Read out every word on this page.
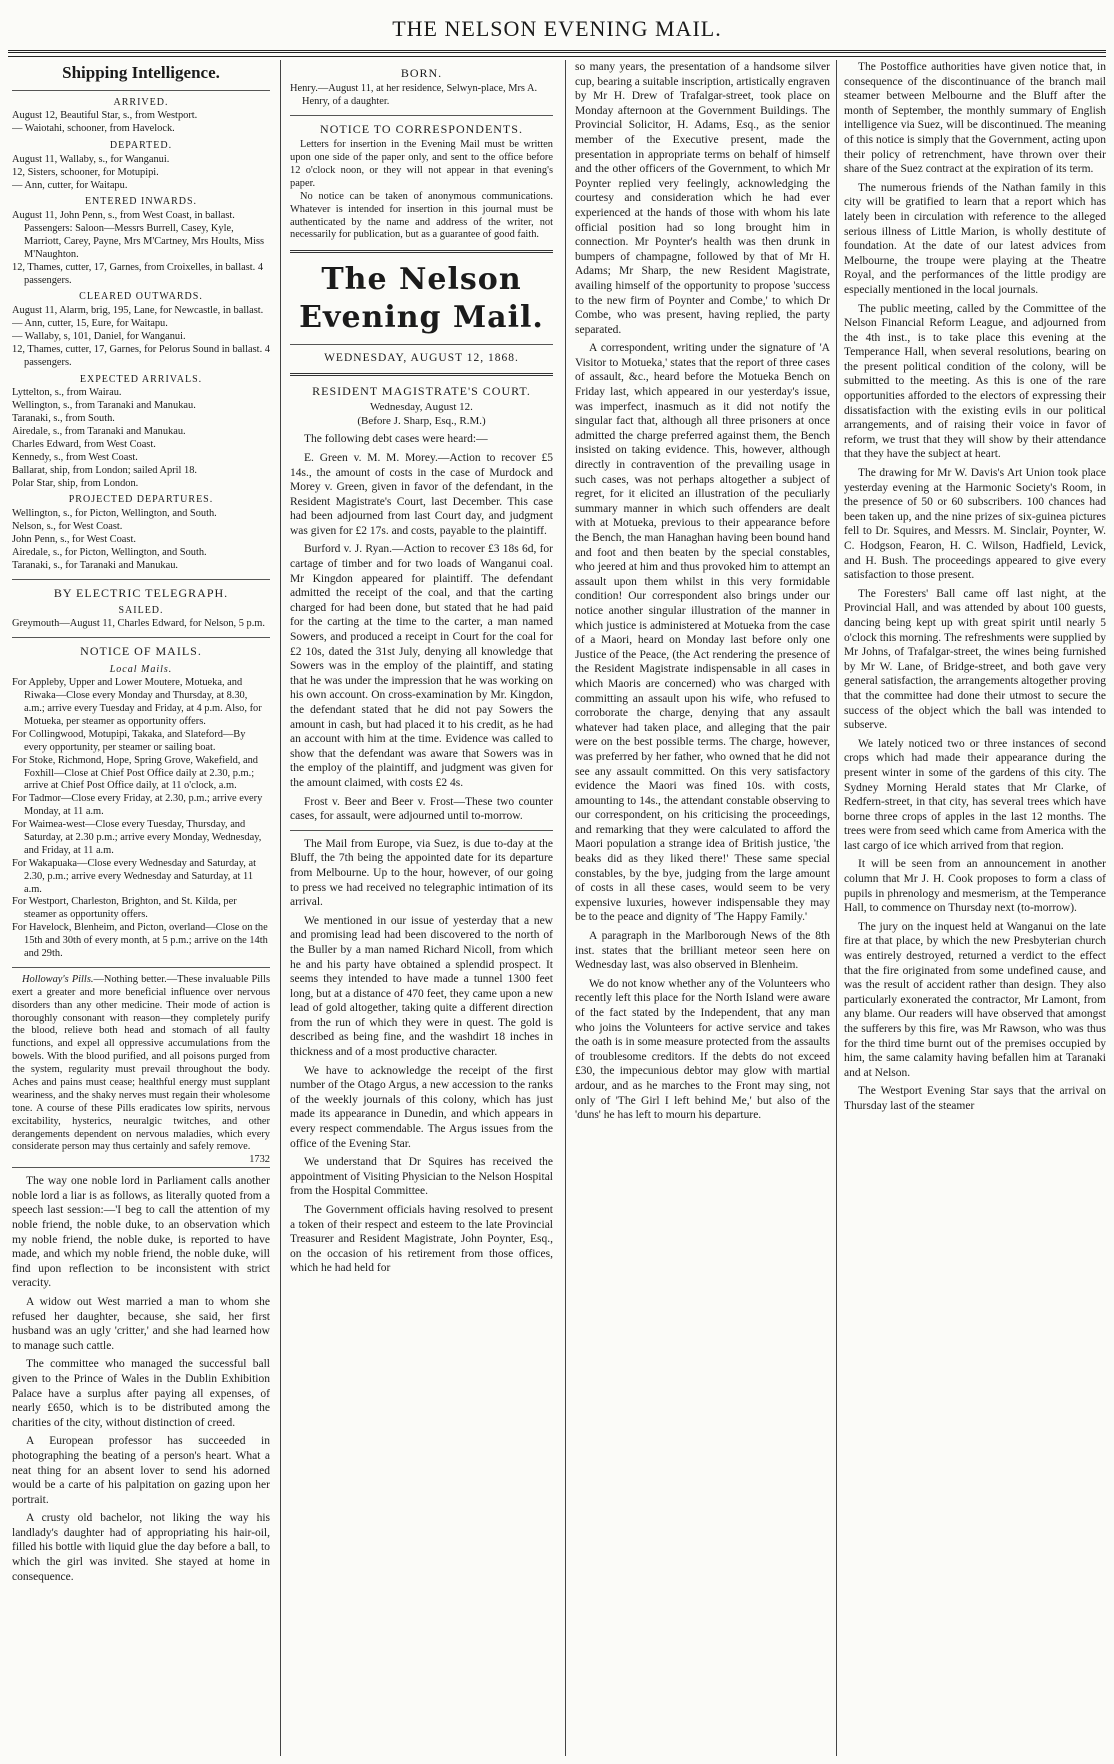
THE NELSON EVENING MAIL.
Shipping Intelligence.
ARRIVED.

August 12, Beautiful Star, s., from Westport.

— Waiotahi, schooner, from Havelock.

DEPARTED.

August 11, Wallaby, s., for Wanganui.

12, Sisters, schooner, for Motupipi.

— Ann, cutter, for Waitapu.

ENTERED INWARDS.

August 11, John Penn, s., from West Coast, in ballast. Passengers: Saloon—Messrs Burrell, Casey, Kyle, Marriott, Carey, Payne, Mrs M'Cartney, Mrs Hoults, Miss M'Naughton.

12, Thames, cutter, 17, Garnes, from Croixelles, in ballast. 4 passengers.

CLEARED OUTWARDS.

August 11, Alarm, brig, 195, Lane, for Newcastle, in ballast.

— Ann, cutter, 15, Eure, for Waitapu.

— Wallaby, s, 101, Daniel, for Wanganui.

12, Thames, cutter, 17, Garnes, for Pelorus Sound in ballast. 4 passengers.

EXPECTED ARRIVALS.

Lyttelton, s., from Wairau.

Wellington, s., from Taranaki and Manukau.

Taranaki, s., from South.

Airedale, s., from Taranaki and Manukau.

Charles Edward, from West Coast.

Kennedy, s., from West Coast.

Ballarat, ship, from London; sailed April 18.

Polar Star, ship, from London.

PROJECTED DEPARTURES.

Wellington, s., for Picton, Wellington, and South.

Nelson, s., for West Coast.

John Penn, s., for West Coast.

Airedale, s., for Picton, Wellington, and South.

Taranaki, s., for Taranaki and Manukau.

BY ELECTRIC TELEGRAPH.
SAILED.

Greymouth—August 11, Charles Edward, for Nelson, 5 p.m.

NOTICE OF MAILS.
Local Mails.

For Appleby, Upper and Lower Moutere, Motueka, and Riwaka—Close every Monday and Thursday, at 8.30, a.m.; arrive every Tuesday and Friday, at 4 p.m. Also, for Motueka, per steamer as opportunity offers.

For Collingwood, Motupipi, Takaka, and Slateford—By every opportunity, per steamer or sailing boat.

For Stoke, Richmond, Hope, Spring Grove, Wakefield, and Foxhill—Close at Chief Post Office daily at 2.30, p.m.; arrive at Chief Post Office daily, at 11 o'clock, a.m.

For Tadmor—Close every Friday, at 2.30, p.m.; arrive every Monday, at 11 a.m.

For Waimea-west—Close every Tuesday, Thursday, and Saturday, at 2.30 p.m.; arrive every Monday, Wednesday, and Friday, at 11 a.m.

For Wakapuaka—Close every Wednesday and Saturday, at 2.30, p.m.; arrive every Wednesday and Saturday, at 11 a.m.

For Westport, Charleston, Brighton, and St. Kilda, per steamer as opportunity offers.

For Havelock, Blenheim, and Picton, overland—Close on the 15th and 30th of every month, at 5 p.m.; arrive on the 14th and 29th.

Holloway's Pills.—Nothing better.—These invaluable Pills exert a greater and more beneficial influence over nervous disorders than any other medicine. Their mode of action is thoroughly consonant with reason—they completely purify the blood, relieve both head and stomach of all faulty functions, and expel all oppressive accumulations from the bowels. With the blood purified, and all poisons purged from the system, regularity must prevail throughout the body. Aches and pains must cease; healthful energy must supplant weariness, and the shaky nerves must regain their wholesome tone. A course of these Pills eradicates low spirits, nervous excitability, hysterics, neuralgic twitches, and other derangements dependent on nervous maladies, which every considerate person may thus certainly and safely remove.
1732

The way one noble lord in Parliament calls another noble lord a liar is as follows, as literally quoted from a speech last session:—'I beg to call the attention of my noble friend, the noble duke, to an observation which my noble friend, the noble duke, is reported to have made, and which my noble friend, the noble duke, will find upon reflection to be inconsistent with strict veracity.

A widow out West married a man to whom she refused her daughter, because, she said, her first husband was an ugly 'critter,' and she had learned how to manage such cattle.

The committee who managed the successful ball given to the Prince of Wales in the Dublin Exhibition Palace have a surplus after paying all expenses, of nearly £650, which is to be distributed among the charities of the city, without distinction of creed.

A European professor has succeeded in photographing the beating of a person's heart. What a neat thing for an absent lover to send his adorned would be a carte of his palpitation on gazing upon her portrait.

A crusty old bachelor, not liking the way his landlady's daughter had of appropriating his hair-oil, filled his bottle with liquid glue the day before a ball, to which the girl was invited. She stayed at home in consequence.

BORN.

Henry.—August 11, at her residence, Selwyn-place, Mrs A. Henry, of a daughter.

NOTICE TO CORRESPONDENTS.

Letters for insertion in the Evening Mail must be written upon one side of the paper only, and sent to the office before 12 o'clock noon, or they will not appear in that evening's paper.

No notice can be taken of anonymous communications. Whatever is intended for insertion in this journal must be authenticated by the name and address of the writer, not necessarily for publication, but as a guarantee of good faith.

The Nelson Evening Mail.
WEDNESDAY, AUGUST 12, 1868.
RESIDENT MAGISTRATE'S COURT.
Wednesday, August 12.
(Before J. Sharp, Esq., R.M.)

The following debt cases were heard:—

E. Green v. M. M. Morey.—Action to recover £5 14s., the amount of costs in the case of Murdock and Morey v. Green, given in favor of the defendant, in the Resident Magistrate's Court, last December. This case had been adjourned from last Court day, and judgment was given for £2 17s. and costs, payable to the plaintiff.

Burford v. J. Ryan.—Action to recover £3 18s 6d, for cartage of timber and for two loads of Wanganui coal. Mr Kingdon appeared for plaintiff. The defendant admitted the receipt of the coal, and that the carting charged for had been done, but stated that he had paid for the carting at the time to the carter, a man named Sowers, and produced a receipt in Court for the coal for £2 10s, dated the 31st July, denying all knowledge that Sowers was in the employ of the plaintiff, and stating that he was under the impression that he was working on his own account. On cross-examination by Mr. Kingdon, the defendant stated that he did not pay Sowers the amount in cash, but had placed it to his credit, as he had an account with him at the time. Evidence was called to show that the defendant was aware that Sowers was in the employ of the plaintiff, and judgment was given for the amount claimed, with costs £2 4s.

Frost v. Beer and Beer v. Frost—These two counter cases, for assault, were adjourned until to-morrow.

The Mail from Europe, via Suez, is due to-day at the Bluff, the 7th being the appointed date for its departure from Melbourne. Up to the hour, however, of our going to press we had received no telegraphic intimation of its arrival.

We mentioned in our issue of yesterday that a new and promising lead had been discovered to the north of the Buller by a man named Richard Nicoll, from which he and his party have obtained a splendid prospect. It seems they intended to have made a tunnel 1300 feet long, but at a distance of 470 feet, they came upon a new lead of gold altogether, taking quite a different direction from the run of which they were in quest. The gold is described as being fine, and the washdirt 18 inches in thickness and of a most productive character.

We have to acknowledge the receipt of the first number of the Otago Argus, a new accession to the ranks of the weekly journals of this colony, which has just made its appearance in Dunedin, and which appears in every respect commendable. The Argus issues from the office of the Evening Star.

We understand that Dr Squires has received the appointment of Visiting Physician to the Nelson Hospital from the Hospital Committee.

The Government officials having resolved to present a token of their respect and esteem to the late Provincial Treasurer and Resident Magistrate, John Poynter, Esq., on the occasion of his retirement from those offices, which he had held for

so many years, the presentation of a handsome silver cup, bearing a suitable inscription, artistically engraven by Mr H. Drew of Trafalgar-street, took place on Monday afternoon at the Government Buildings. The Provincial Solicitor, H. Adams, Esq., as the senior member of the Executive present, made the presentation in appropriate terms on behalf of himself and the other officers of the Government, to which Mr Poynter replied very feelingly, acknowledging the courtesy and consideration which he had ever experienced at the hands of those with whom his late official position had so long brought him in connection. Mr Poynter's health was then drunk in bumpers of champagne, followed by that of Mr H. Adams; Mr Sharp, the new Resident Magistrate, availing himself of the opportunity to propose 'success to the new firm of Poynter and Combe,' to which Dr Combe, who was present, having replied, the party separated.

A correspondent, writing under the signature of 'A Visitor to Motueka,' states that the report of three cases of assault, &c., heard before the Motueka Bench on Friday last, which appeared in our yesterday's issue, was imperfect, inasmuch as it did not notify the singular fact that, although all three prisoners at once admitted the charge preferred against them, the Bench insisted on taking evidence. This, however, although directly in contravention of the prevailing usage in such cases, was not perhaps altogether a subject of regret, for it elicited an illustration of the peculiarly summary manner in which such offenders are dealt with at Motueka, previous to their appearance before the Bench, the man Hanaghan having been bound hand and foot and then beaten by the special constables, who jeered at him and thus provoked him to attempt an assault upon them whilst in this very formidable condition! Our correspondent also brings under our notice another singular illustration of the manner in which justice is administered at Motueka from the case of a Maori, heard on Monday last before only one Justice of the Peace, (the Act rendering the presence of the Resident Magistrate indispensable in all cases in which Maoris are concerned) who was charged with committing an assault upon his wife, who refused to corroborate the charge, denying that any assault whatever had taken place, and alleging that the pair were on the best possible terms. The charge, however, was preferred by her father, who owned that he did not see any assault committed. On this very satisfactory evidence the Maori was fined 10s. with costs, amounting to 14s., the attendant constable observing to our correspondent, on his criticising the proceedings, and remarking that they were calculated to afford the Maori population a strange idea of British justice, 'the beaks did as they liked there!' These same special constables, by the bye, judging from the large amount of costs in all these cases, would seem to be very expensive luxuries, however indispensable they may be to the peace and dignity of 'The Happy Family.'

A paragraph in the Marlborough News of the 8th inst. states that the brilliant meteor seen here on Wednesday last, was also observed in Blenheim.

We do not know whether any of the Volunteers who recently left this place for the North Island were aware of the fact stated by the Independent, that any man who joins the Volunteers for active service and takes the oath is in some measure protected from the assaults of troublesome creditors. If the debts do not exceed £30, the impecunious debtor may glow with martial ardour, and as he marches to the Front may sing, not only of 'The Girl I left behind Me,' but also of the 'duns' he has left to mourn his departure.

The Postoffice authorities have given notice that, in consequence of the discontinuance of the branch mail steamer between Melbourne and the Bluff after the month of September, the monthly summary of English intelligence via Suez, will be discontinued. The meaning of this notice is simply that the Government, acting upon their policy of retrenchment, have thrown over their share of the Suez contract at the expiration of its term.

The numerous friends of the Nathan family in this city will be gratified to learn that a report which has lately been in circulation with reference to the alleged serious illness of Little Marion, is wholly destitute of foundation. At the date of our latest advices from Melbourne, the troupe were playing at the Theatre Royal, and the performances of the little prodigy are especially mentioned in the local journals.

The public meeting, called by the Committee of the Nelson Financial Reform League, and adjourned from the 4th inst., is to take place this evening at the Temperance Hall, when several resolutions, bearing on the present political condition of the colony, will be submitted to the meeting. As this is one of the rare opportunities afforded to the electors of expressing their dissatisfaction with the existing evils in our political arrangements, and of raising their voice in favor of reform, we trust that they will show by their attendance that they have the subject at heart.

The drawing for Mr W. Davis's Art Union took place yesterday evening at the Harmonic Society's Room, in the presence of 50 or 60 subscribers. 100 chances had been taken up, and the nine prizes of six-guinea pictures fell to Dr. Squires, and Messrs. M. Sinclair, Poynter, W. C. Hodgson, Fearon, H. C. Wilson, Hadfield, Levick, and H. Bush. The proceedings appeared to give every satisfaction to those present.

The Foresters' Ball came off last night, at the Provincial Hall, and was attended by about 100 guests, dancing being kept up with great spirit until nearly 5 o'clock this morning. The refreshments were supplied by Mr Johns, of Trafalgar-street, the wines being furnished by Mr W. Lane, of Bridge-street, and both gave very general satisfaction, the arrangements altogether proving that the committee had done their utmost to secure the success of the object which the ball was intended to subserve.

We lately noticed two or three instances of second crops which had made their appearance during the present winter in some of the gardens of this city. The Sydney Morning Herald states that Mr Clarke, of Redfern-street, in that city, has several trees which have borne three crops of apples in the last 12 months. The trees were from seed which came from America with the last cargo of ice which arrived from that region.

It will be seen from an announcement in another column that Mr J. H. Cook proposes to form a class of pupils in phrenology and mesmerism, at the Temperance Hall, to commence on Thursday next (to-morrow).

The jury on the inquest held at Wanganui on the late fire at that place, by which the new Presbyterian church was entirely destroyed, returned a verdict to the effect that the fire originated from some undefined cause, and was the result of accident rather than design. They also particularly exonerated the contractor, Mr Lamont, from any blame. Our readers will have observed that amongst the sufferers by this fire, was Mr Rawson, who was thus for the third time burnt out of the premises occupied by him, the same calamity having befallen him at Taranaki and at Nelson.

The Westport Evening Star says that the arrival on Thursday last of the steamer
